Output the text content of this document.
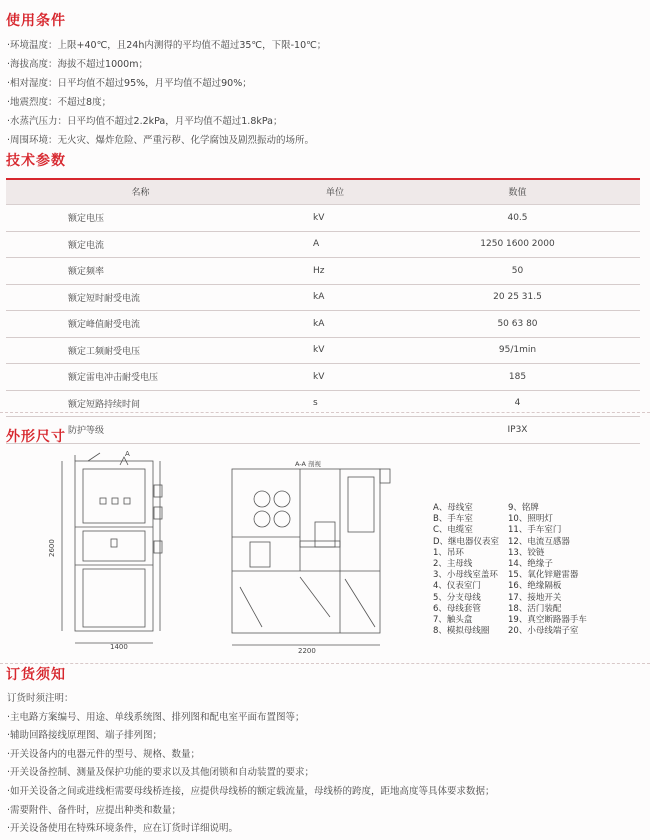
使用条件
·环境温度：上限+40℃，且24h内测得的平均值不超过35℃，下限-10℃；
·海拔高度：海拔不超过1000m；
·相对湿度：日平均值不超过95%，月平均值不超过90%；
·地震烈度：不超过8度；
·水蒸汽压力：日平均值不超过2.2kPa，月平均值不超过1.8kPa；
·周围环境：无火灾、爆炸危险、严重污秽、化学腐蚀及剧烈振动的场所。
技术参数
名称	单位	数值
额定电压	kV	40.5
额定电流	A	1250 1600 2000
额定频率	Hz	50
额定短时耐受电流	kA	20 25 31.5
额定峰值耐受电流	kA	50 63 80
额定工频耐受电压	kV	95/1min
额定雷电冲击耐受电压	kV	185
额定短路持续时间	s	4
防护等级		IP3X
外形尺寸
2600
1400
A
A-A 剖视
2200
A、母线室
B、手车室
C、电缆室
D、继电器仪表室
1、吊环
2、主母线
3、小母线室盖环
4、仪表室门
5、分支母线
6、母线套管
7、触头盒
8、模拟母线圈
9、铭牌
10、照明灯
11、手车室门
12、电流互感器
13、铰链
14、绝缘子
15、氧化锌避雷器
16、绝缘隔板
17、接地开关
18、活门装配
19、真空断路器手车
20、小母线端子室
订货须知
订货时须注明：
·主电路方案编号、用途、单线系统图、排列图和配电室平面布置图等；
·辅助回路接线原理图、端子排列图；
·开关设备内的电器元件的型号、规格、数量；
·开关设备控制、测量及保护功能的要求以及其他闭锁和自动装置的要求；
·如开关设备之间或进线柜需要母线桥连接，应提供母线桥的额定载流量，母线桥的跨度，距地高度等具体要求数据；
·需要附件、备件时，应提出种类和数量；
·开关设备使用在特殊环境条件，应在订货时详细说明。
